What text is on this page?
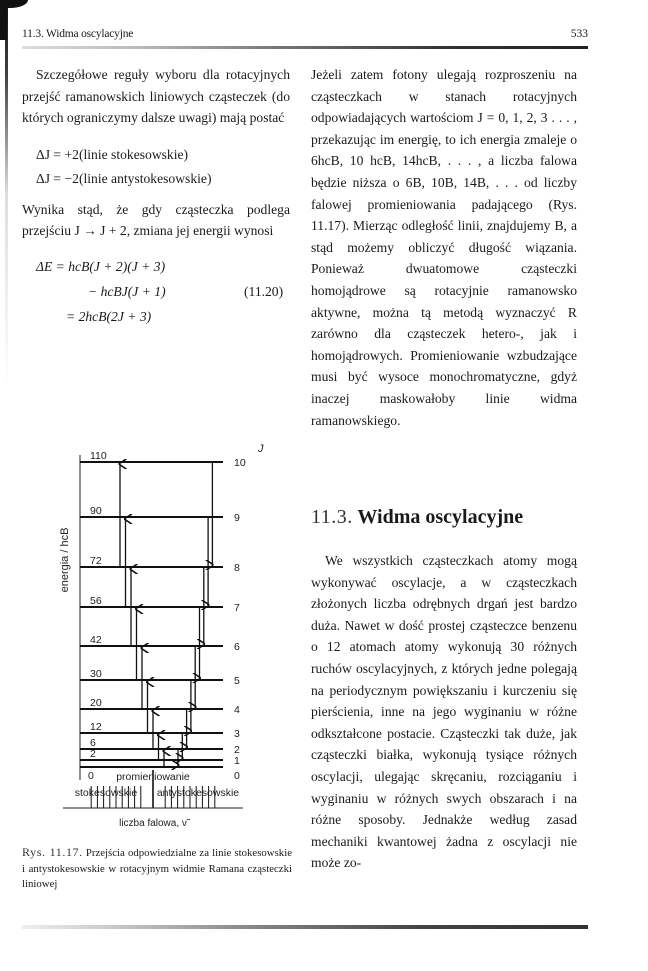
11.3. Widma oscylacyjne	533

Szczegółowe reguły wyboru dla rotacyjnych przejść ramanowskich liniowych cząsteczek (do których ograniczymy dalsze uwagi) mają postać

ΔJ = +2(linie stokesowskie)
ΔJ = −2(linie antystokesowskie)

Wynika stąd, że gdy cząsteczka podlega przejściu J → J + 2, zmiana jej energii wynosi

ΔE = hcB(J + 2)(J + 3)
− hcBJ(J + 1)	(11.20)
= 2hcB(2J + 3)
energia / hcB
J
110
10
90
9
72
8
56
7
42
6
30
5
20
4
12
3
6
2
2
1
0	0
promieniowanie
stokesowskie antystokesowskie
liczba falowa, ν̃
Rys. 11.17. Przejścia odpowiedzialne za linie stokesowskie i antystokesowskie w rotacyjnym widmie Ramana cząsteczki liniowej

Jeżeli zatem fotony ulegają rozproszeniu na cząsteczkach w stanach rotacyjnych odpowiadających wartościom J = 0, 1, 2, 3 . . . , przekazując im energię, to ich energia zmaleje o 6hcB, 10 hcB, 14hcB, . . . , a liczba falowa będzie niższa o 6B, 10B, 14B, . . . od liczby falowej promieniowania padającego (Rys. 11.17). Mierząc odległość linii, znajdujemy B, a stąd możemy obliczyć długość wiązania. Ponieważ dwuatomowe cząsteczki homojądrowe są rotacyjnie ramanowsko aktywne, można tą metodą wyznaczyć R zarówno dla cząsteczek hetero-, jak i homojądrowych. Promieniowanie wzbudzające musi być wysoce monochromatyczne, gdyż inaczej maskowałoby linie widma ramanowskiego.

11.3. Widma oscylacyjne

We wszystkich cząsteczkach atomy mogą wykonywać oscylacje, a w cząsteczkach złożonych liczba odrębnych drgań jest bardzo duża. Nawet w dość prostej cząsteczce benzenu o 12 atomach atomy wykonują 30 różnych ruchów oscylacyjnych, z których jedne polegają na periodycznym powiększaniu i kurczeniu się pierścienia, inne na jego wyginaniu w różne odkształcone postacie. Cząsteczki tak duże, jak cząsteczki białka, wykonują tysiące różnych oscylacji, ulegając skręcaniu, rozciąganiu i wyginaniu w różnych swych obszarach i na różne sposoby. Jednakże według zasad mechaniki kwantowej żadna z oscylacji nie może zo-
